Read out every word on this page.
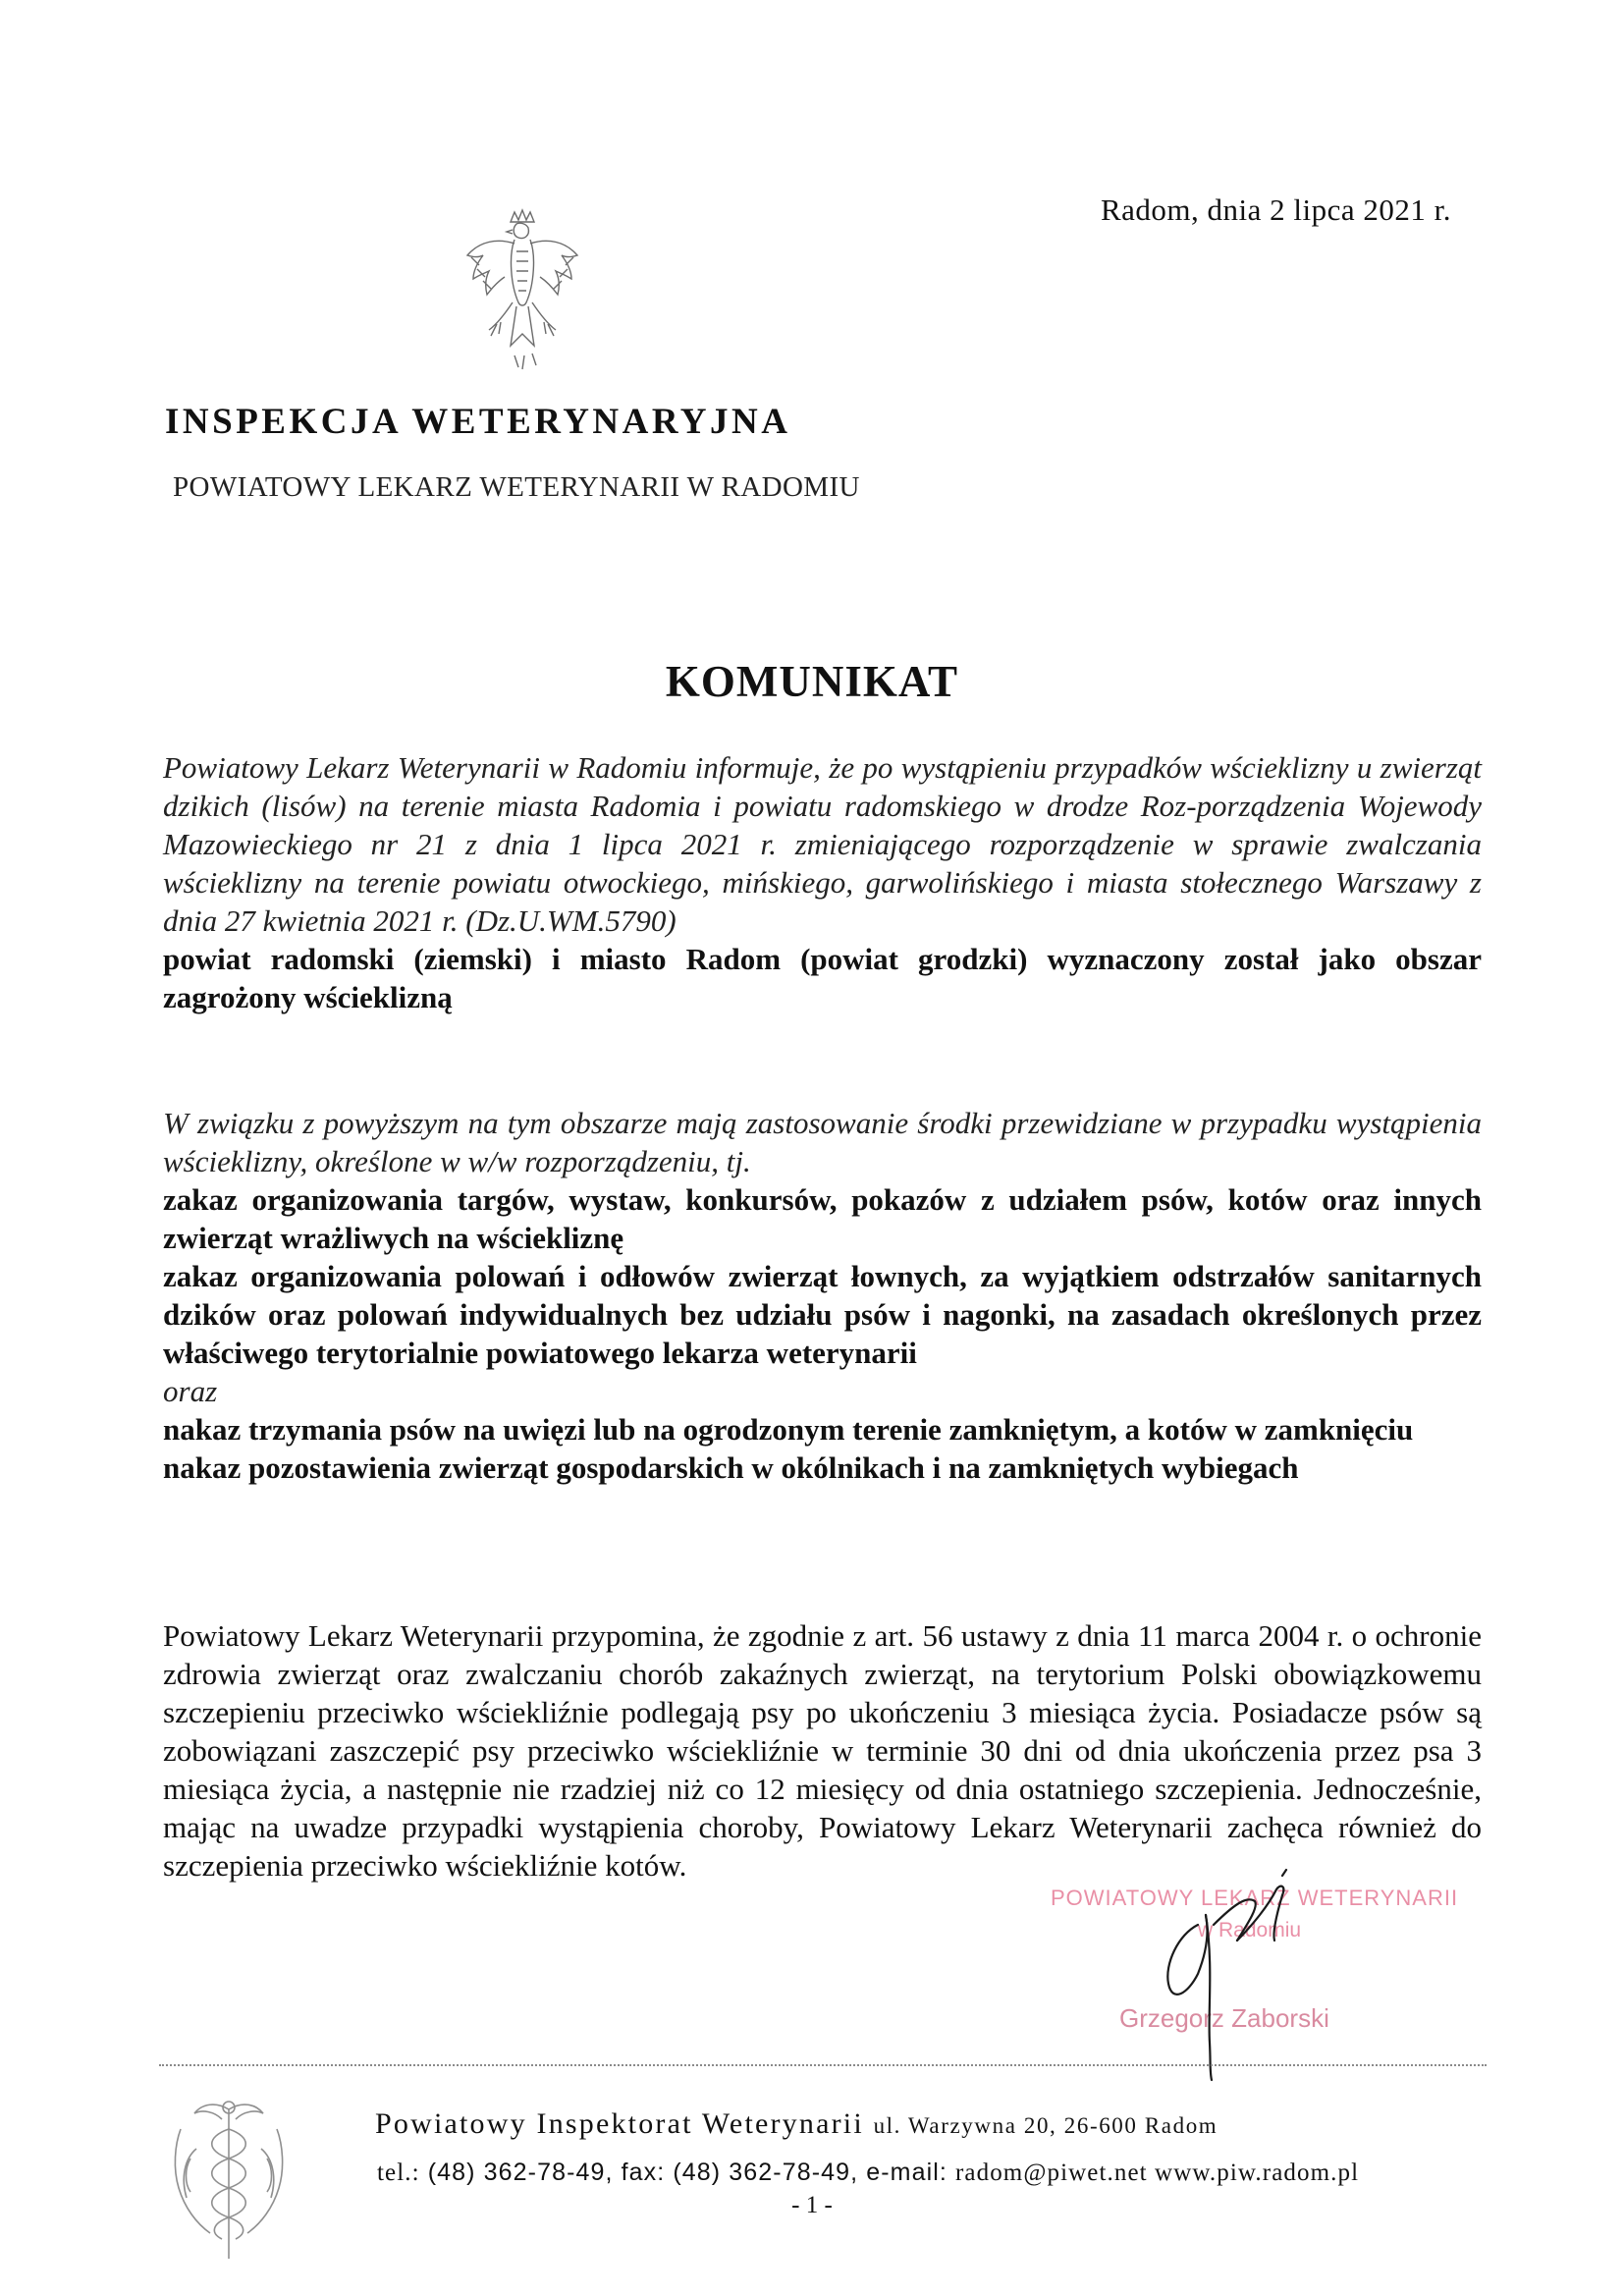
Radom, dnia 2 lipca 2021 r.
INSPEKCJA WETERYNARYJNA
POWIATOWY LEKARZ WETERYNARII W RADOMIU
KOMUNIKAT

Powiatowy Lekarz Weterynarii w Radomiu informuje, że po wystąpieniu przypadków wścieklizny u zwierząt dzikich (lisów) na terenie miasta Radomia i powiatu radomskiego w drodze Roz-porządzenia Wojewody Mazowieckiego nr 21 z dnia 1 lipca 2021 r. zmieniającego rozporządzenie w sprawie zwalczania wścieklizny na terenie powiatu otwockiego, mińskiego, garwolińskiego i miasta stołecznego Warszawy z dnia 27 kwietnia 2021 r. (Dz.U.WM.5790)

powiat radomski (ziemski) i miasto Radom (powiat grodzki) wyznaczony został jako obszar zagrożony wścieklizną

W związku z powyższym na tym obszarze mają zastosowanie środki przewidziane w przypadku wystąpienia wścieklizny, określone w w/w rozporządzeniu, tj.

zakaz organizowania targów, wystaw, konkursów, pokazów z udziałem psów, kotów oraz innych zwierząt wrażliwych na wściekliznę

zakaz organizowania polowań i odłowów zwierząt łownych, za wyjątkiem odstrzałów sanitarnych dzików oraz polowań indywidualnych bez udziału psów i nagonki, na zasadach określonych przez właściwego terytorialnie powiatowego lekarza weterynarii

oraz

nakaz trzymania psów na uwięzi lub na ogrodzonym terenie zamkniętym, a kotów w zamknięciu

nakaz pozostawienia zwierząt gospodarskich w okólnikach i na zamkniętych wybiegach

Powiatowy Lekarz Weterynarii przypomina, że zgodnie z art. 56 ustawy z dnia 11 marca 2004 r. o ochronie zdrowia zwierząt oraz zwalczaniu chorób zakaźnych zwierząt, na terytorium Polski obowiązkowemu szczepieniu przeciwko wściekliźnie podlegają psy po ukończeniu 3 miesiąca życia. Posiadacze psów są zobowiązani zaszczepić psy przeciwko wściekliźnie w terminie 30 dni od dnia ukończenia przez psa 3 miesiąca życia, a następnie nie rzadziej niż co 12 miesięcy od dnia ostatniego szczepienia. Jednocześnie, mając na uwadze przypadki wystąpienia choroby, Powiatowy Lekarz Weterynarii zachęca również do szczepienia przeciwko wściekliźnie kotów.

POWIATOWY LEKARZ WETERYNARII
w Radomiu
Grzegorz Zaborski
Powiatowy Inspektorat Weterynarii ul. Warzywna 20, 26-600 Radom
tel.: (48) 362-78-49, fax: (48) 362-78-49, e-mail: radom@piwet.net www.piw.radom.pl
- 1 -
